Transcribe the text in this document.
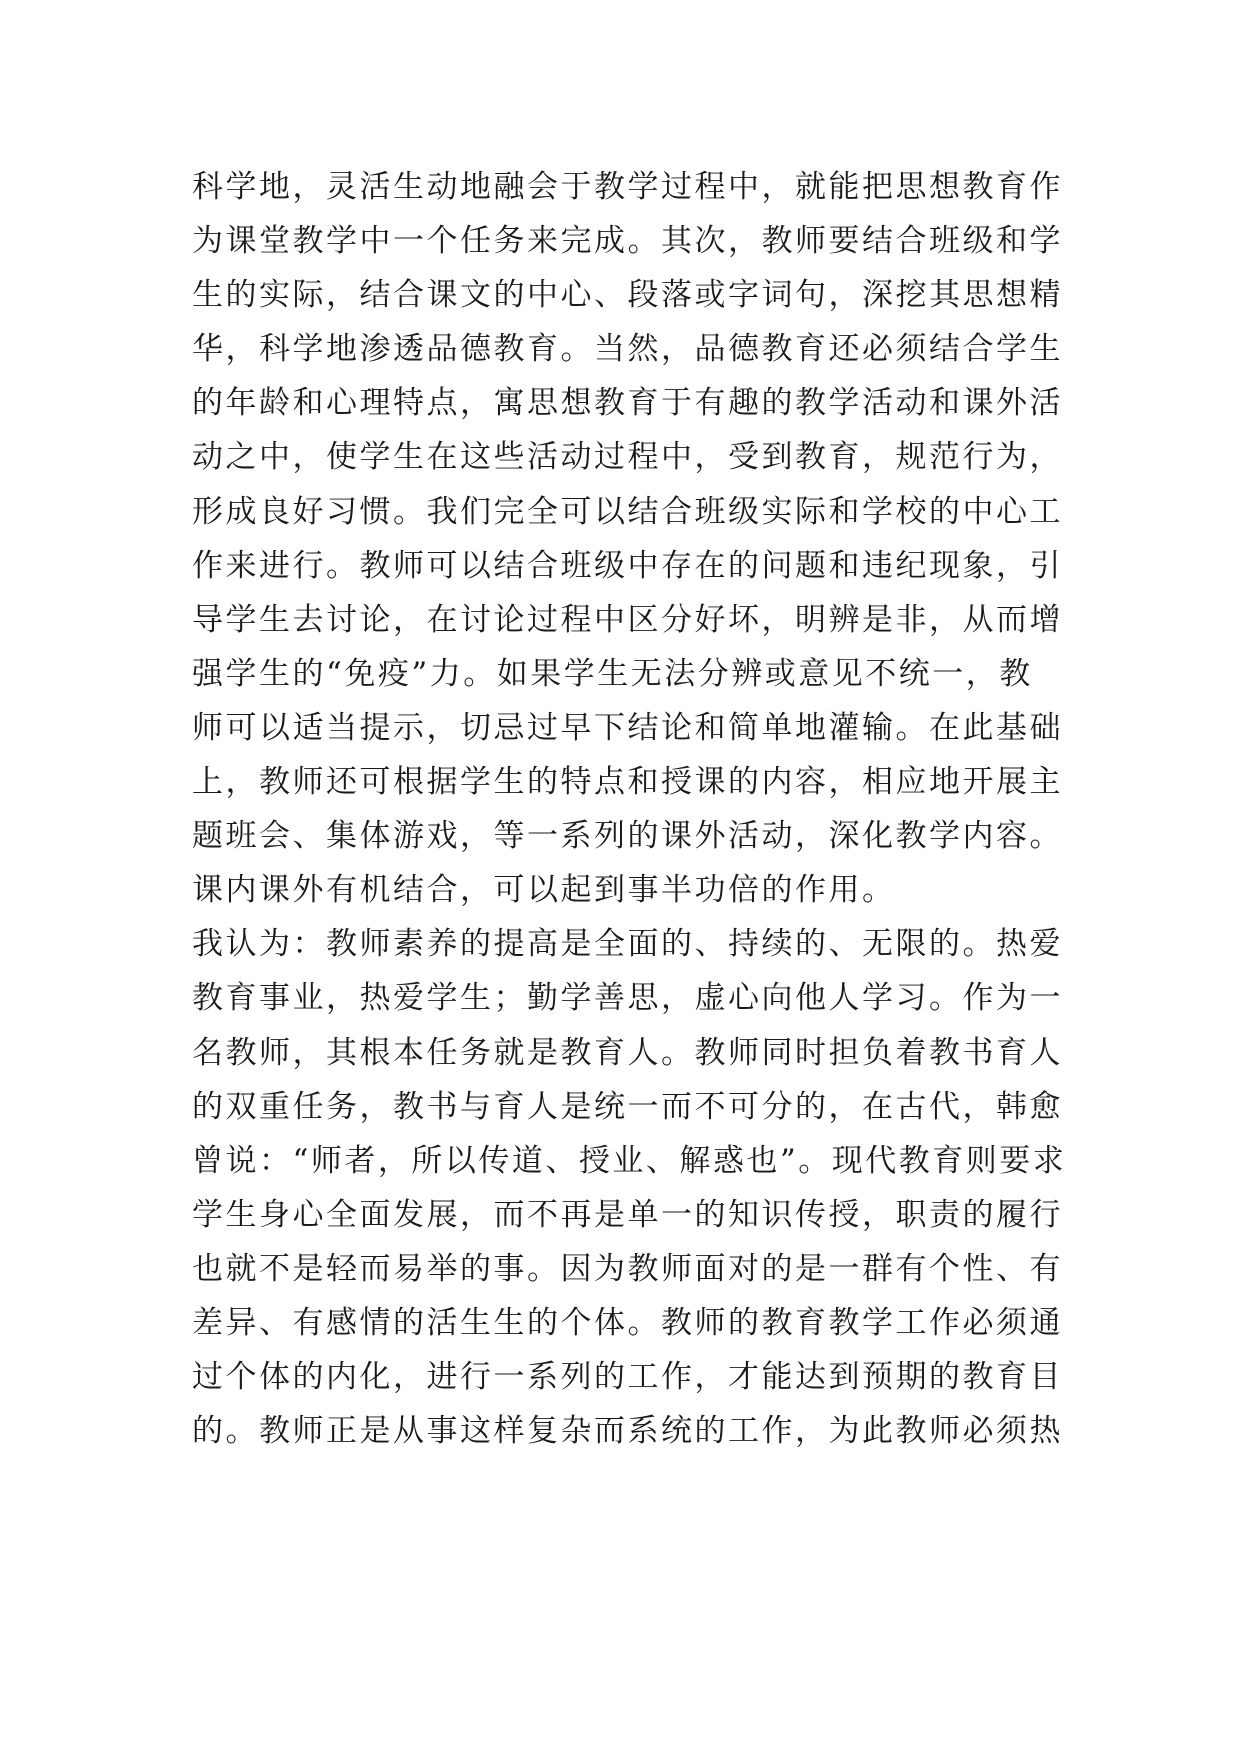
科学地，灵活生动地融会于教学过程中，就能把思想教育作
为课堂教学中一个任务来完成。其次，教师要结合班级和学
生的实际，结合课文的中心、段落或字词句，深挖其思想精
华，科学地渗透品德教育。当然，品德教育还必须结合学生
的年龄和心理特点，寓思想教育于有趣的教学活动和课外活
动之中，使学生在这些活动过程中，受到教育，规范行为，
形成良好习惯。我们完全可以结合班级实际和学校的中心工
作来进行。教师可以结合班级中存在的问题和违纪现象，引
导学生去讨论，在讨论过程中区分好坏，明辨是非，从而增
强学生的“免疫”力。如果学生无法分辨或意见不统一，教
师可以适当提示，切忌过早下结论和简单地灌输。在此基础
上，教师还可根据学生的特点和授课的内容，相应地开展主
题班会、集体游戏，等一系列的课外活动，深化教学内容。
课内课外有机结合，可以起到事半功倍的作用。
我认为：教师素养的提高是全面的、持续的、无限的。热爱
教育事业，热爱学生；勤学善思，虚心向他人学习。作为一
名教师，其根本任务就是教育人。教师同时担负着教书育人
的双重任务，教书与育人是统一而不可分的，在古代，韩愈
曾说：“师者，所以传道、授业、解惑也”。现代教育则要求
学生身心全面发展，而不再是单一的知识传授，职责的履行
也就不是轻而易举的事。因为教师面对的是一群有个性、有
差异、有感情的活生生的个体。教师的教育教学工作必须通
过个体的内化，进行一系列的工作，才能达到预期的教育目
的。教师正是从事这样复杂而系统的工作，为此教师必须热
